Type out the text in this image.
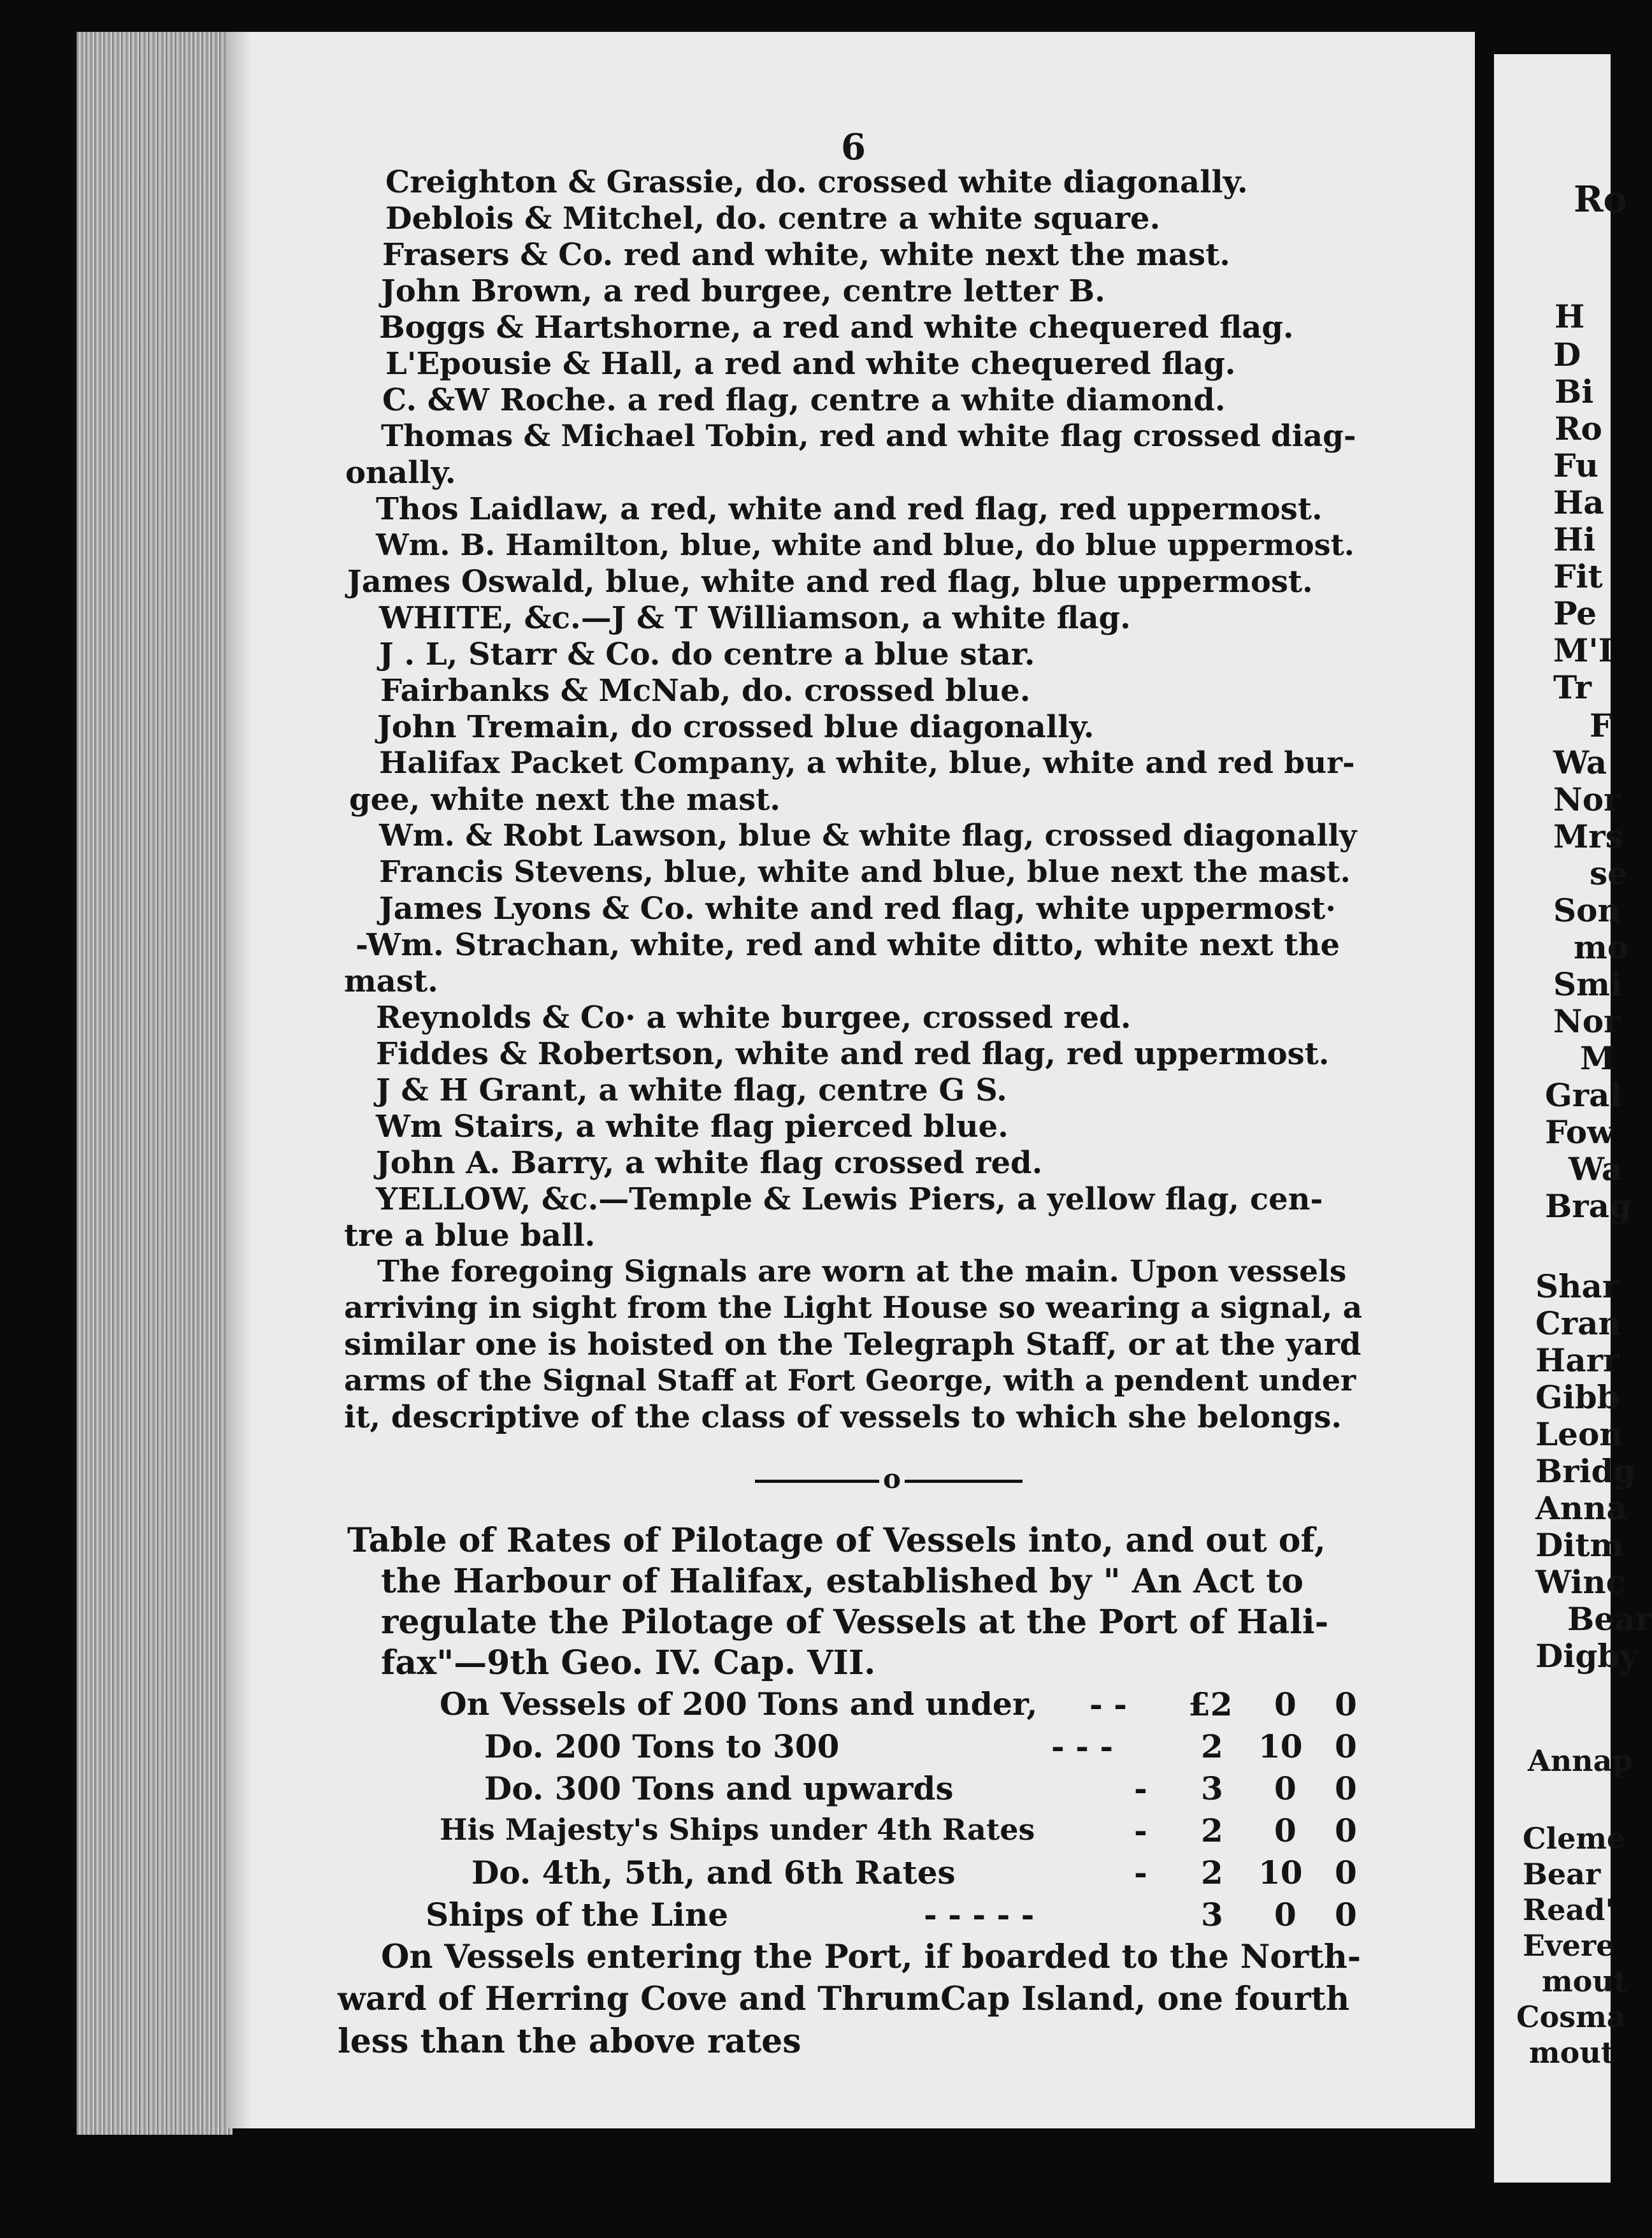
6
Creighton & Grassie, do. crossed white diagonally.
Deblois & Mitchel, do. centre a white square.
Frasers & Co. red and white, white next the mast.
John Brown, a red burgee, centre letter B.
Boggs & Hartshorne, a red and white chequered flag.
L'Epousie & Hall, a red and white chequered flag.
C. &W Roche. a red flag, centre a white diamond.
Thomas & Michael Tobin, red and white flag crossed diag-
onally.
Thos Laidlaw, a red, white and red flag, red uppermost.
Wm. B. Hamilton, blue, white and blue, do blue uppermost.
James Oswald, blue, white and red flag, blue uppermost.
WHITE, &c.—J & T Williamson, a white flag.
J . L, Starr & Co. do centre a blue star.
Fairbanks & McNab, do. crossed blue.
John Tremain, do crossed blue diagonally.
Halifax Packet Company, a white, blue, white and red bur-
gee, white next the mast.
Wm. & Robt Lawson, blue & white flag, crossed diagonally
Francis Stevens, blue, white and blue, blue next the mast.
James Lyons & Co. white and red flag, white uppermost·
-Wm. Strachan, white, red and white ditto, white next the
mast.
Reynolds & Co· a white burgee, crossed red.
Fiddes & Robertson, white and red flag, red uppermost.
J & H Grant, a white flag, centre G S.
Wm Stairs, a white flag pierced blue.
John A. Barry, a white flag crossed red.
YELLOW, &c.—Temple & Lewis Piers, a yellow flag, cen-
tre a blue ball.
The foregoing Signals are worn at the main. Upon vessels
arriving in sight from the Light House so wearing a signal, a
similar one is hoisted on the Telegraph Staff, or at the yard
arms of the Signal Staff at Fort George, with a pendent under
it, descriptive of the class of vessels to which she belongs.
o
Table of Rates of Pilotage of Vessels into, and out of,
the Harbour of Halifax, established by " An Act to
regulate the Pilotage of Vessels at the Port of Hali-
fax"—9th Geo. IV. Cap. VII.
On Vessels of 200 Tons and under, - - £2 0 0
Do. 200 Tons to 300	- - -	2 10 0
Do. 300 Tons and upwards	- 3 0 0
His Majesty's Ships under 4th Rates	- 2 0 0
Do. 4th, 5th, and 6th Rates	- 2 10 0
Ships of the Line	- - - - -	3 0 0
On Vessels entering the Port, if boarded to the North-
ward of Herring Cove and ThrumCap Island, one fourth
less than the above rates
Ro
H
D
Bi
Ro
Fu
Ha
Hi
Fit
Pe
M'I
Tr
F
Wa
Nor
Mrs
se
Son
mo
Smi
Nor
M
Gral
Fow
Wa
Brag
Shar
Cran
Harr
Gibb
Leon
Bridg
Anna
Ditm
Winc
Bear
Digby
Annap
Cleme
Bear
Read'
Evere
mout
Cosma
mout
